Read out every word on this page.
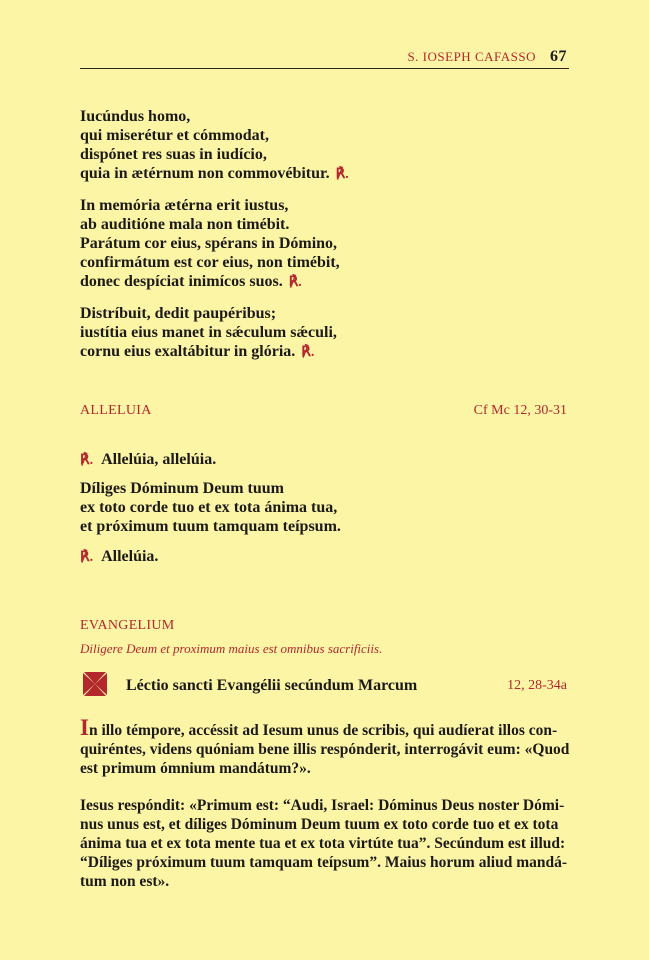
S. IOSEPH CAFASSO 67
Iucúndus homo,
qui miserétur et cómmodat,
dispónet res suas in iudício,
quia in ætérnum non commovébitur. ℟.
In memória ætérna erit iustus,
ab auditióne mala non timébit.
Parátum cor eius, spérans in Dómino,
confirmátum est cor eius, non timébit,
donec despíciat inimícos suos. ℟.
Distríbuit, dedit paupéribus;
iustítia eius manet in sǽculum sǽculi,
cornu eius exaltábitur in glória. ℟.
ALLELUIA	Cf Mc 12, 30-31
℟. Allelúia, allelúia.
Díliges Dóminum Deum tuum
ex toto corde tuo et ex tota ánima tua,
et próximum tuum tamquam teípsum.
℟. Allelúia.
EVANGELIUM
Diligere Deum et proximum maius est omnibus sacrificiis.
Léctio sancti Evangélii secúndum Marcum	12, 28-34a
In illo témpore, accéssit ad Iesum unus de scribis, qui audíerat illos con-
quiréntes, videns quóniam bene illis respónderit, interrogávit eum: «Quod
est primum ómnium mandátum?».
Iesus respóndit: «Primum est: “Audi, Israel: Dóminus Deus noster Dómi-
nus unus est, et díliges Dóminum Deum tuum ex toto corde tuo et ex tota
ánima tua et ex tota mente tua et ex tota virtúte tua”. Secúndum est illud:
“Díliges próximum tuum tamquam teípsum”. Maius horum aliud mandá-
tum non est».
